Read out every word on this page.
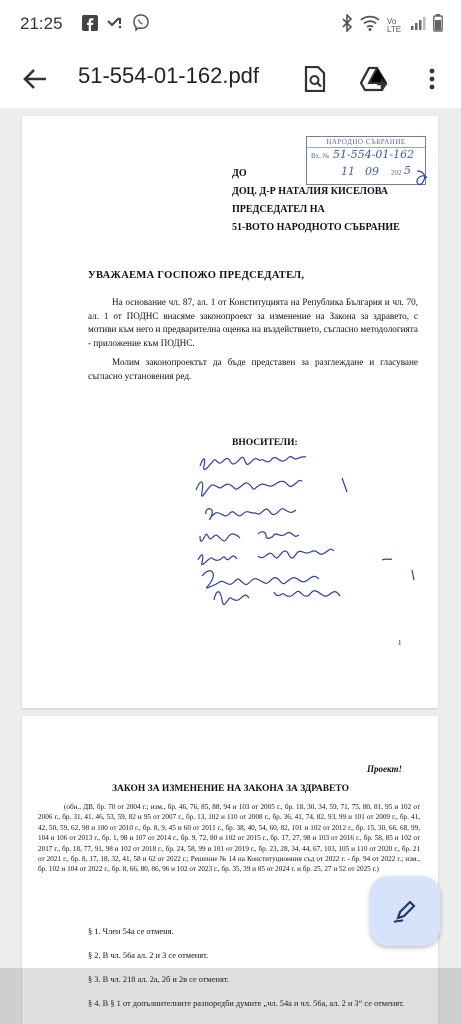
21:25	Vo LTE
51-554-01-162.pdf
НАРОДНО СЪБРАНИЕ
Вх. № 51-554-01-162
11 09 202 5
ДО
ДОЦ. Д-Р НАТАЛИЯ КИСЕЛОВА
ПРЕДСЕДАТЕЛ НА
51-ВОТО НАРОДНОТО СЪБРАНИЕ
УВАЖАЕМА ГОСПОЖО ПРЕДСЕДАТЕЛ,

На основание чл. 87, ал. 1 от Конституцията на Република България и чл. 70, ал. 1 от ПОДНС внасяме законопроект за изменение на Закона за здравето, с мотиви към него и предварителна оценка на въздействието, съгласно методологията - приложение към ПОДНС.

Молим законопроектът да бъде представен за разглеждане и гласуване съгласно установения ред.

ВНОСИТЕЛИ:
1
Проект!
ЗАКОН ЗА ИЗМЕНЕНИЕ НА ЗАКОНА ЗА ЗДРАВЕТО

(обн., ДВ, бр. 70 от 2004 г.; изм., бр. 46, 76, 85, 88, 94 и 103 от 2005 г., бр. 18, 30, 34, 59, 71, 75, 80, 81, 95 и 102 от 2006 г., бр. 31, 41, 46, 53, 59, 82 и 95 от 2007 г., бр. 13, 102 и 110 от 2008 г., бр. 36, 41, 74, 82, 93, 99 и 101 от 2009 г., бр. 41, 42, 50, 59, 62, 98 и 100 от 2010 г., бр. 8, 9, 45 и 60 от 2011 г., бр. 38, 40, 54, 60, 82, 101 и 102 от 2012 г., бр. 15, 30, 66, 68, 99, 104 и 106 от 2013 г., бр. 1, 98 и 107 от 2014 г., бр. 9, 72, 80 и 102 от 2015 г., бр. 17, 27, 98 и 103 от 2016 г., бр. 58, 85 и 102 от 2017 г., бр. 18, 77, 91, 98 и 102 от 2018 г., бр. 24, 58, 99 и 101 от 2019 г., бр. 23, 28, 34, 44, 67, 103, 105 и 110 от 2020 г., бр. 21 от 2021 г., бр. 8, 17, 18, 32, 41, 58 и 62 от 2022 г.; Решение № 14 на Конституционния съд от 2022 г. - бр. 94 от 2022 г.; изм., бр. 102 и 104 от 2022 г., бр. 8, 66, 80, 86, 96 и 102 от 2023 г., бр. 35, 39 и 85 от 2024 г. и бр. 25, 27 и 52 от 2025 г.)

§ 1. Член 54а се отменя.

§ 2. В чл. 56а ал. 2 и 3 се отменят.

§ 3. В чл. 218 ал. 2а, 2б и 2в се отменят.

§ 4. В § 1 от допълнителните разпоредби думите „чл. 54а и чл. 56а, ал. 2 и 3“ се отменят.
